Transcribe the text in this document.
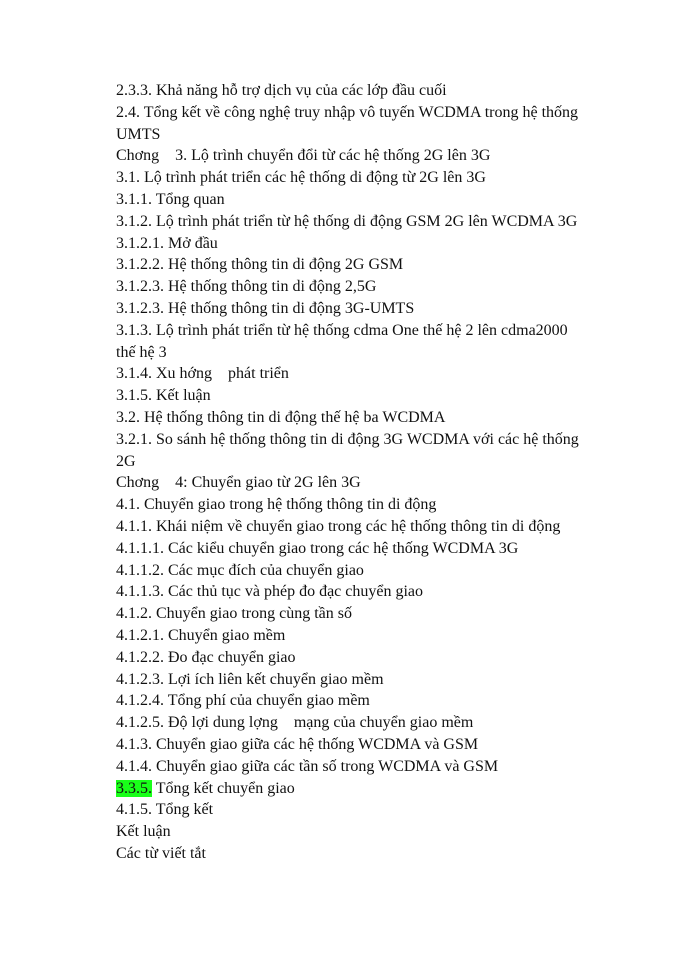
2.3.3. Khả năng hỗ trợ dịch vụ của các lớp đầu cuối

2.4. Tổng kết về công nghệ truy nhập vô tuyến WCDMA trong hệ thống

UMTS

Chơng    3. Lộ trình chuyển đổi từ các hệ thống 2G lên 3G

3.1. Lộ trình phát triển các hệ thống di động từ 2G lên 3G

3.1.1. Tổng quan

3.1.2. Lộ trình phát triển từ hệ thống di động GSM 2G lên WCDMA 3G

3.1.2.1. Mở đầu

3.1.2.2. Hệ thống thông tin di động 2G GSM

3.1.2.3. Hệ thống thông tin di động 2,5G

3.1.2.3. Hệ thống thông tin di động 3G-UMTS

3.1.3. Lộ trình phát triển từ hệ thống cdma One thế hệ 2 lên cdma2000

thế hệ 3

3.1.4. Xu hớng    phát triển

3.1.5. Kết luận

3.2. Hệ thống thông tin di động thế hệ ba WCDMA

3.2.1. So sánh hệ thống thông tin di động 3G WCDMA với các hệ thống

2G

Chơng    4: Chuyển giao từ 2G lên 3G

4.1. Chuyển giao trong hệ thống thông tin di động

4.1.1. Khái niệm về chuyển giao trong các hệ thống thông tin di động

4.1.1.1. Các kiểu chuyển giao trong các hệ thống WCDMA 3G

4.1.1.2. Các mục đích của chuyển giao

4.1.1.3. Các thủ tục và phép đo đạc chuyển giao

4.1.2. Chuyển giao trong cùng tần số

4.1.2.1. Chuyển giao mềm

4.1.2.2. Đo đạc chuyển giao

4.1.2.3. Lợi ích liên kết chuyển giao mềm

4.1.2.4. Tổng phí của chuyển giao mềm

4.1.2.5. Độ lợi dung lợng    mạng của chuyển giao mềm

4.1.3. Chuyển giao giữa các hệ thống WCDMA và GSM

4.1.4. Chuyển giao giữa các tần số trong WCDMA và GSM

3.3.5. Tổng kết chuyển giao

4.1.5. Tổng kết

Kết luận

Các từ viết tắt
